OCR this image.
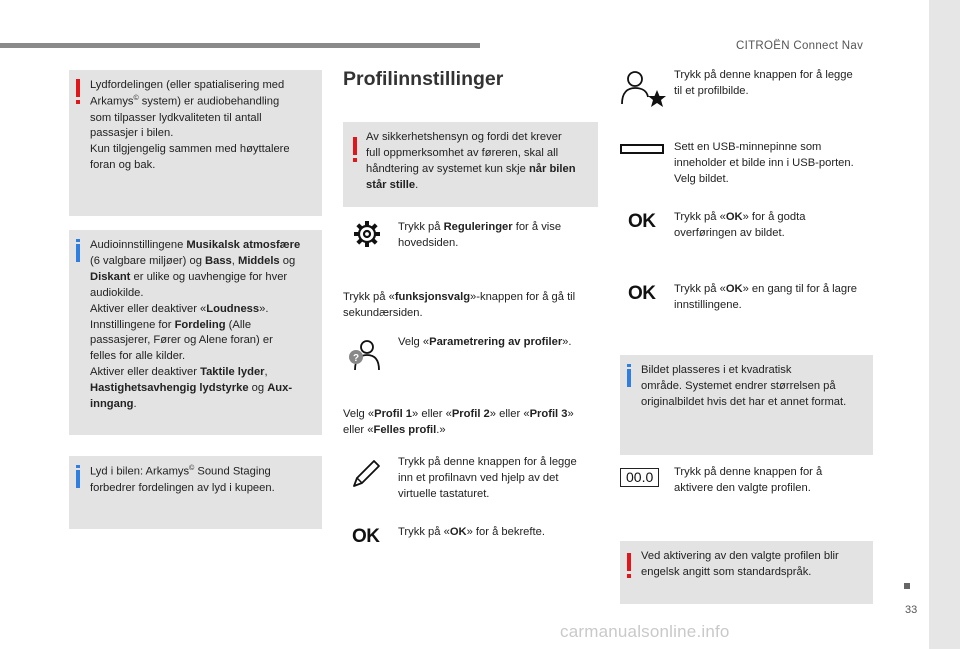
CITROËN Connect Nav
Lydfordelingen (eller spatialisering med
Arkamys© system) er audiobehandling
som tilpasser lydkvaliteten til antall
passasjer i bilen.
Kun tilgjengelig sammen med høyttalere
foran og bak.
Audioinnstillingene Musikalsk atmosfære
(6 valgbare miljøer) og Bass, Middels og
Diskant er ulike og uavhengige for hver
audiokilde.
Aktiver eller deaktiver «Loudness».
Innstillingene for Fordeling (Alle
passasjerer, Fører og Alene foran) er
felles for alle kilder.
Aktiver eller deaktiver Taktile lyder,
Hastighetsavhengig lydstyrke og Aux-
inngang.
Lyd i bilen: Arkamys© Sound Staging
forbedrer fordelingen av lyd i kupeen.
Profilinnstillinger
Av sikkerhetshensyn og fordi det krever
full oppmerksomhet av føreren, skal all
håndtering av systemet kun skje når bilen
står stille.
Trykk på Reguleringer for å vise
hovedsiden.
Trykk på «funksjonsvalg»-knappen for å gå til
sekundærsiden.
?
Velg «Parametrering av profiler».
Velg «Profil 1» eller «Profil 2» eller «Profil 3»
eller «Felles profil.»
Trykk på denne knappen for å legge
inn et profilnavn ved hjelp av det
virtuelle tastaturet.
OK Trykk på «OK» for å bekrefte.
Trykk på denne knappen for å legge
til et profilbilde.
Sett en USB-minnepinne som
inneholder et bilde inn i USB-porten.
Velg bildet.
OK Trykk på «OK» for å godta
overføringen av bildet.
OK Trykk på «OK» en gang til for å lagre
innstillingene.
Bildet plasseres i et kvadratisk
område. Systemet endrer størrelsen på
originalbildet hvis det har et annet format.
00.0	Trykk på denne knappen for å
aktivere den valgte profilen.
Ved aktivering av den valgte profilen blir
engelsk angitt som standardspråk.
33
carmanualsonline.info
